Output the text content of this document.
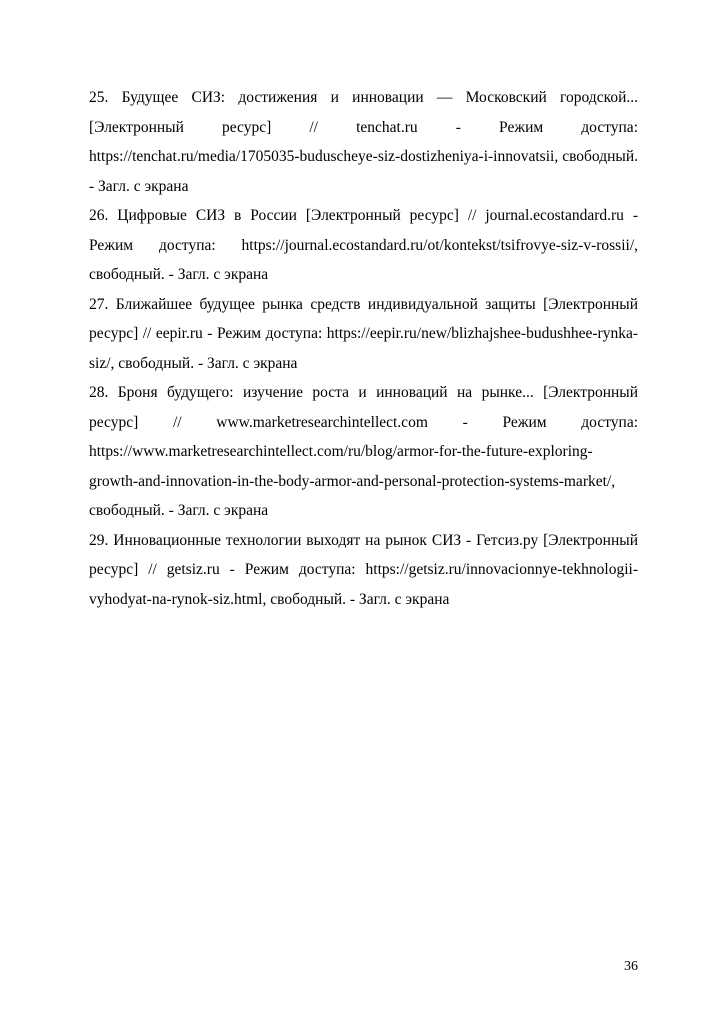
25. Будущее СИЗ: достижения и инновации — Московский городской... [Электронный ресурс] // tenchat.ru - Режим доступа: https://tenchat.ru/media/1705035-buduscheye-siz-dostizheniya-i-innovatsii, свободный. - Загл. с экрана

26. Цифровые СИЗ в России [Электронный ресурс] // journal.ecostandard.ru - Режим доступа: https://journal.ecostandard.ru/ot/kontekst/tsifrovye-siz-v-rossii/, свободный. - Загл. с экрана

27. Ближайшее будущее рынка средств индивидуальной защиты [Электронный ресурс] // eepir.ru - Режим доступа: https://eepir.ru/new/blizhajshee-budushhee-rynka-siz/, свободный. - Загл. с экрана

28. Броня будущего: изучение роста и инноваций на рынке... [Электронный ресурс] // www.marketresearchintellect.com - Режим доступа: https://www.marketresearchintellect.com/ru/blog/armor-for-the-future-exploring-growth-and-innovation-in-the-body-armor-and-personal-protection-systems-market/, свободный. - Загл. с экрана

29. Инновационные технологии выходят на рынок СИЗ - Гетсиз.ру [Электронный ресурс] // getsiz.ru - Режим доступа: https://getsiz.ru/innovacionnye-tekhnologii-vyhodyat-na-rynok-siz.html, свободный. - Загл. с экрана

36
